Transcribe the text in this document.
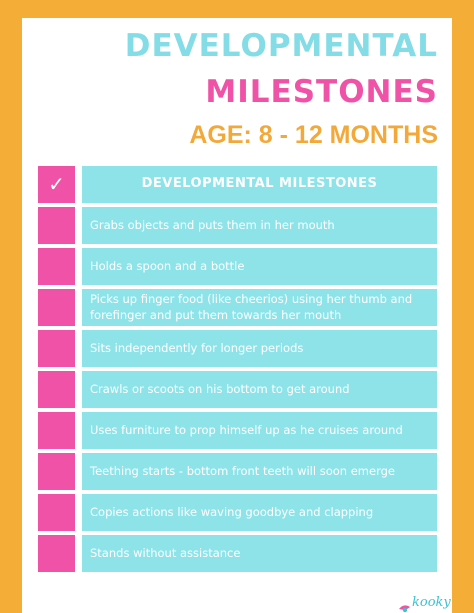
DEVELOPMENTAL
MILESTONES
AGE: 8 - 12 MONTHS
✓	DEVELOPMENTAL MILESTONES
Grabs objects and puts them in her mouth
Holds a spoon and a bottle
Picks up finger food (like cheerios) using her thumb and forefinger and put them towards her mouth
Sits independently for longer periods
Crawls or scoots on his bottom to get around
Uses furniture to prop himself up as he cruises around
Teething starts - bottom front teeth will soon emerge
Copies actions like waving goodbye and clapping
Stands without assistance
kooky
